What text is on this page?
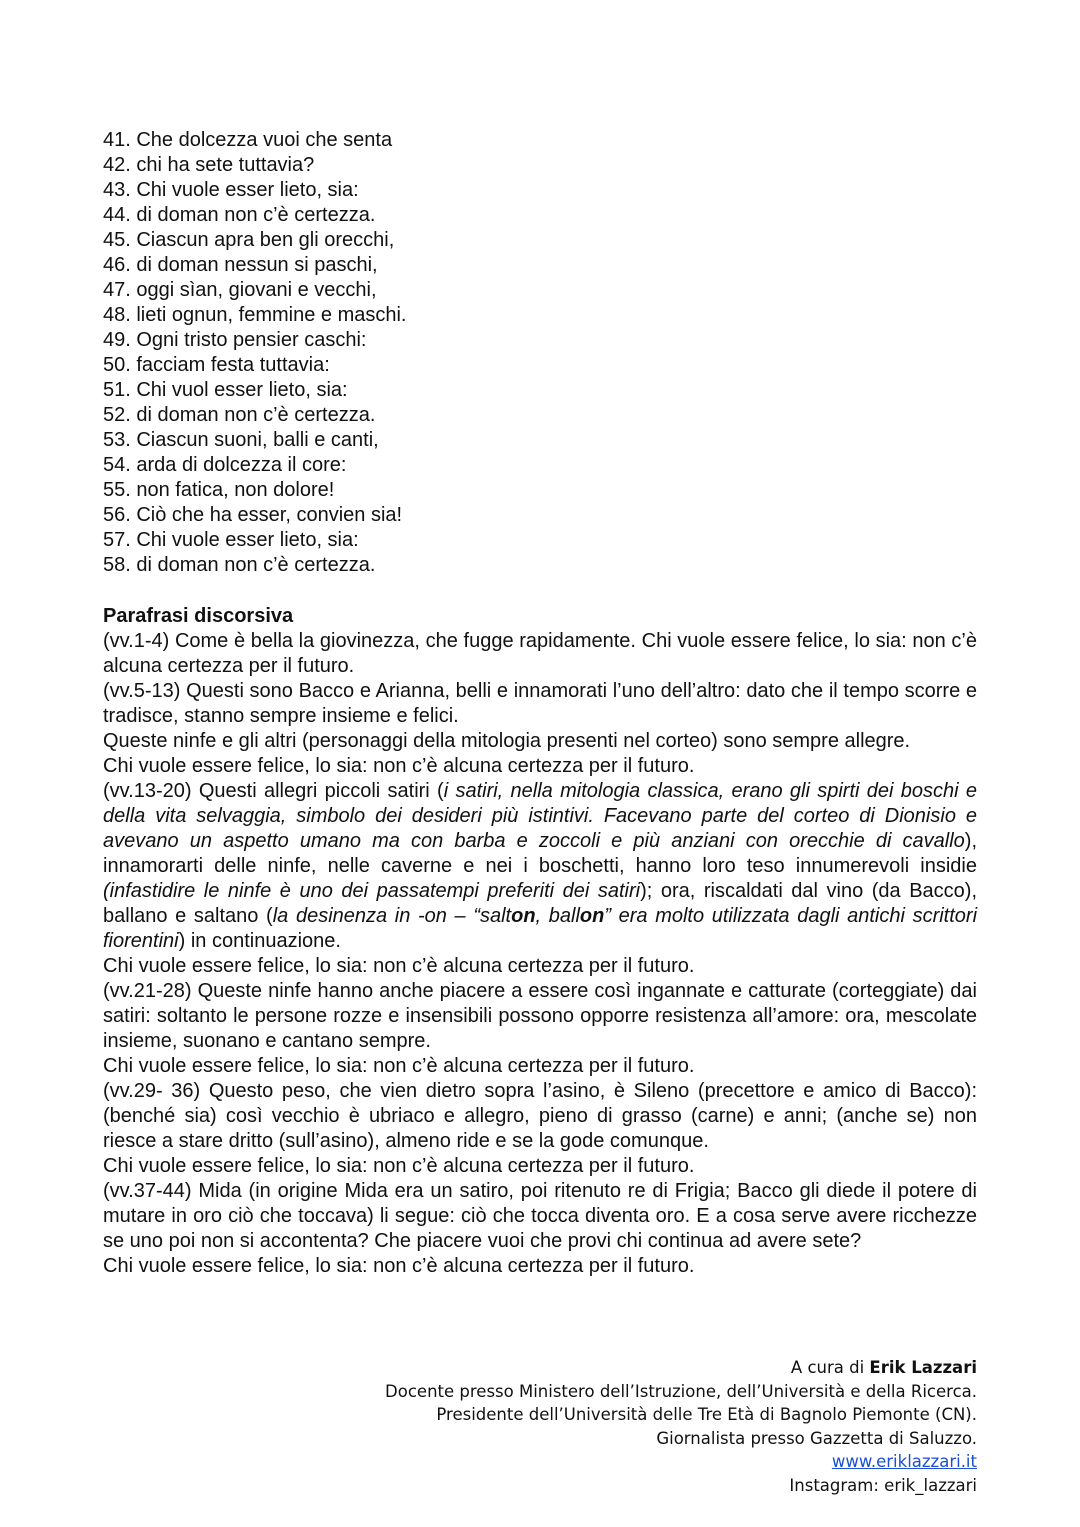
41. Che dolcezza vuoi che senta
42. chi ha sete tuttavia?
43. Chi vuole esser lieto, sia:
44. di doman non c’è certezza.
45. Ciascun apra ben gli orecchi,
46. di doman nessun si paschi,
47. oggi sìan, giovani e vecchi,
48. lieti ognun, femmine e maschi.
49. Ogni tristo pensier caschi:
50. facciam festa tuttavia:
51. Chi vuol esser lieto, sia:
52. di doman non c’è certezza.
53. Ciascun suoni, balli e canti,
54. arda di dolcezza il core:
55. non fatica, non dolore!
56. Ciò che ha esser, convien sia!
57. Chi vuole esser lieto, sia:
58. di doman non c’è certezza.
Parafrasi discorsiva
(vv.1-4) Come è bella la giovinezza, che fugge rapidamente. Chi vuole essere felice, lo sia: non c’è alcuna certezza per il futuro.
(vv.5-13) Questi sono Bacco e Arianna, belli e innamorati l’uno dell’altro: dato che il tempo scorre e tradisce, stanno sempre insieme e felici.
Queste ninfe e gli altri (personaggi della mitologia presenti nel corteo) sono sempre allegre.
Chi vuole essere felice, lo sia: non c’è alcuna certezza per il futuro.
(vv.13-20) Questi allegri piccoli satiri (i satiri, nella mitologia classica, erano gli spirti dei boschi e della vita selvaggia, simbolo dei desideri più istintivi. Facevano parte del corteo di Dionisio e avevano un aspetto umano ma con barba e zoccoli e più anziani con orecchie di cavallo), innamorarti delle ninfe, nelle caverne e nei i boschetti, hanno loro teso innumerevoli insidie (infastidire le ninfe è uno dei passatempi preferiti dei satiri); ora, riscaldati dal vino (da Bacco), ballano e saltano (la desinenza in -on – “salton, ballon” era molto utilizzata dagli antichi scrittori fiorentini) in continuazione.
Chi vuole essere felice, lo sia: non c’è alcuna certezza per il futuro.
(vv.21-28) Queste ninfe hanno anche piacere a essere così ingannate e catturate (corteggiate) dai satiri: soltanto le persone rozze e insensibili possono opporre resistenza all’amore: ora, mescolate insieme, suonano e cantano sempre.
Chi vuole essere felice, lo sia: non c’è alcuna certezza per il futuro.
(vv.29- 36) Questo peso, che vien dietro sopra l’asino, è Sileno (precettore e amico di Bacco): (benché sia) così vecchio è ubriaco e allegro, pieno di grasso (carne) e anni; (anche se) non riesce a stare dritto (sull’asino), almeno ride e se la gode comunque.
Chi vuole essere felice, lo sia: non c’è alcuna certezza per il futuro.
(vv.37-44) Mida (in origine Mida era un satiro, poi ritenuto re di Frigia; Bacco gli diede il potere di mutare in oro ciò che toccava) li segue: ciò che tocca diventa oro. E a cosa serve avere ricchezze se uno poi non si accontenta? Che piacere vuoi che provi chi continua ad avere sete?
Chi vuole essere felice, lo sia: non c’è alcuna certezza per il futuro.
A cura di Erik Lazzari
Docente presso Ministero dell’Istruzione, dell’Università e della Ricerca.
Presidente dell’Università delle Tre Età di Bagnolo Piemonte (CN).
Giornalista presso Gazzetta di Saluzzo.
www.eriklazzari.it
Instagram: erik_lazzari
